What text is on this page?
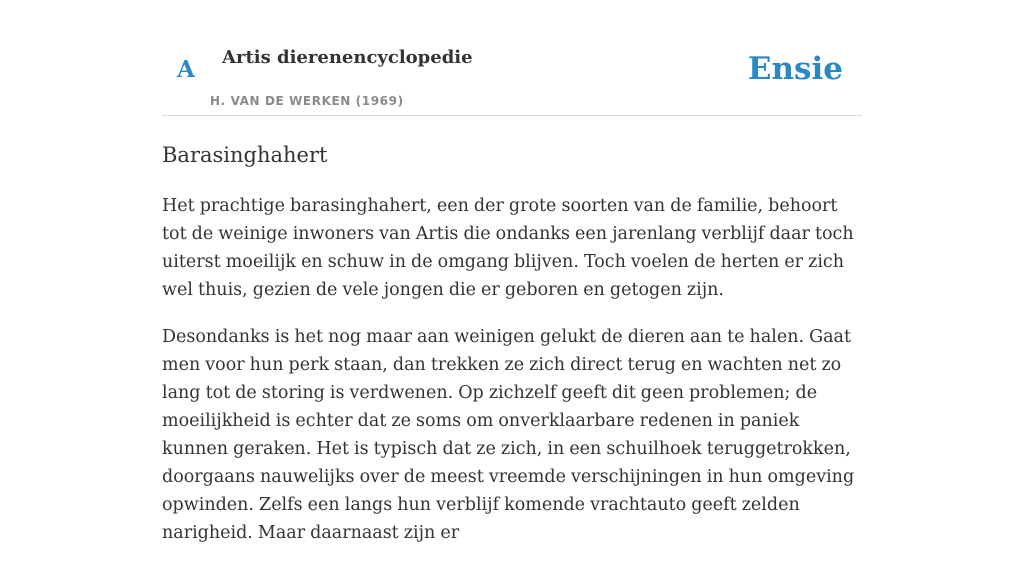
A Artis dierenencyclopedie
H. VAN DE WERKEN (1969)
Ensie
Barasinghahert

Het prachtige barasinghahert, een der grote soorten van de familie, behoort tot de weinige inwoners van Artis die ondanks een jarenlang verblijf daar toch uiterst moeilijk en schuw in de omgang blijven. Toch voelen de herten er zich wel thuis, gezien de vele jongen die er geboren en getogen zijn.

Desondanks is het nog maar aan weinigen gelukt de dieren aan te halen. Gaat men voor hun perk staan, dan trekken ze zich direct terug en wachten net zo lang tot de storing is verdwenen. Op zichzelf geeft dit geen problemen; de moeilijkheid is echter dat ze soms om onverklaarbare redenen in paniek kunnen geraken. Het is typisch dat ze zich, in een schuilhoek teruggetrokken, doorgaans nauwelijks over de meest vreemde verschijningen in hun omgeving opwinden. Zelfs een langs hun verblijf komende vrachtauto geeft zelden narigheid. Maar daarnaast zijn er
